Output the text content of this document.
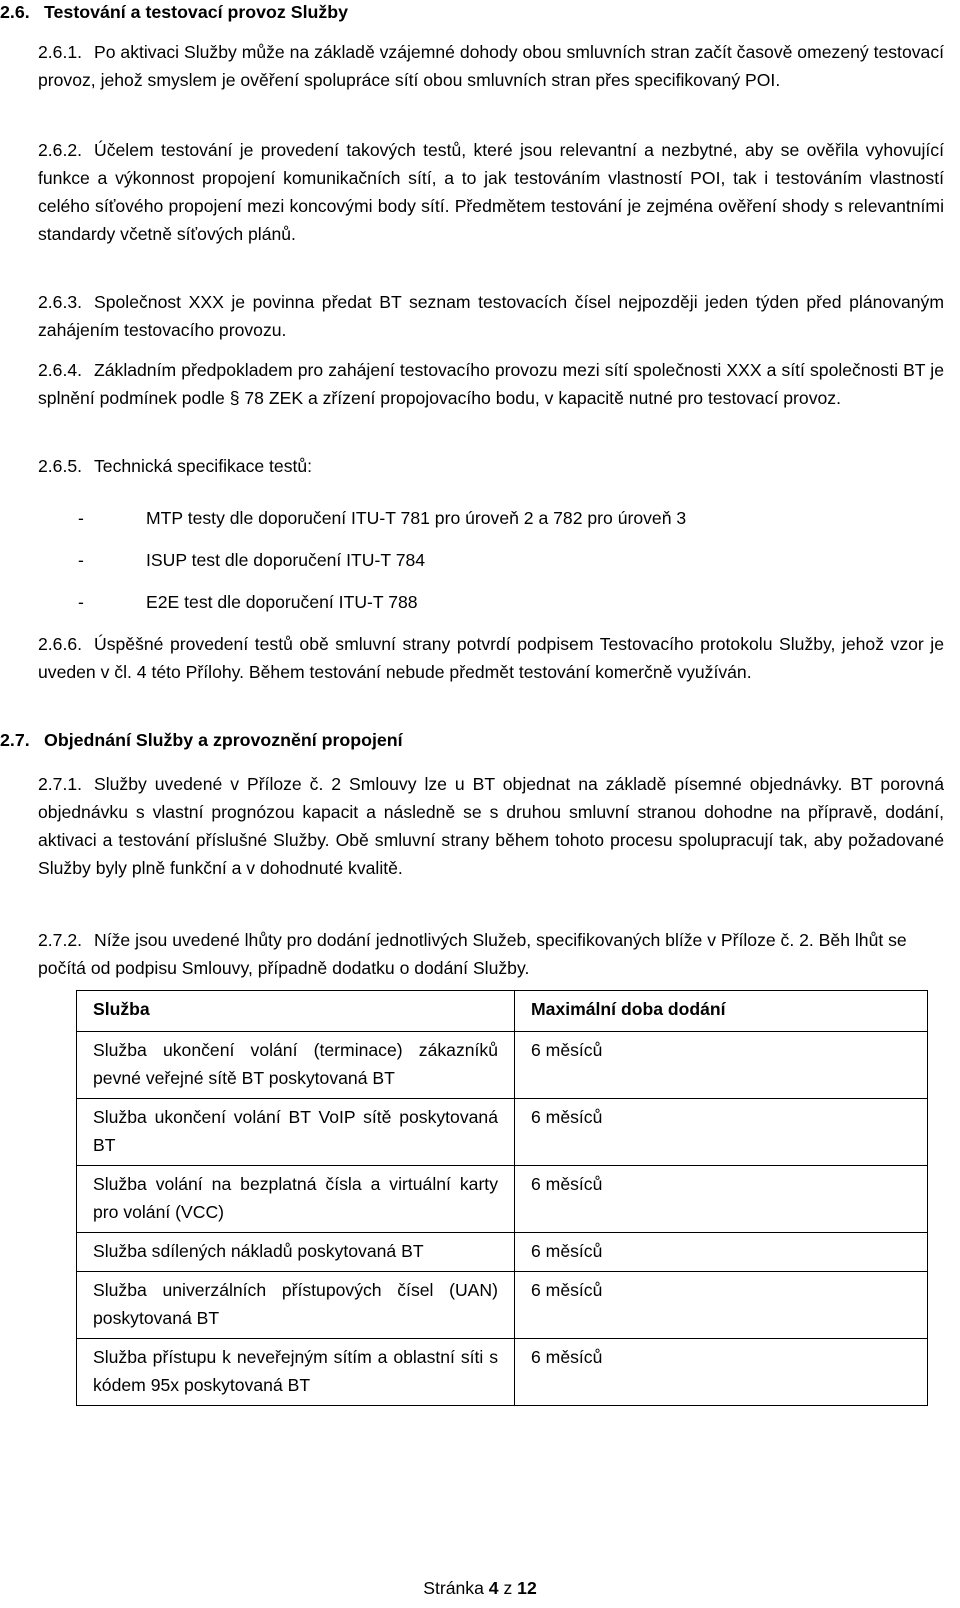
2.6. Testování a testovací provoz Služby
2.6.1. Po aktivaci Služby může na základě vzájemné dohody obou smluvních stran začít časově omezený testovací provoz, jehož smyslem je ověření spolupráce sítí obou smluvních stran přes specifikovaný POI.
2.6.2. Účelem testování je provedení takových testů, které jsou relevantní a nezbytné, aby se ověřila vyhovující funkce a výkonnost propojení komunikačních sítí, a to jak testováním vlastností POI, tak i testováním vlastností celého síťového propojení mezi koncovými body sítí. Předmětem testování je zejména ověření shody s relevantními standardy včetně síťových plánů.
2.6.3. Společnost XXX je povinna předat BT seznam testovacích čísel nejpozději jeden týden před plánovaným zahájením testovacího provozu.
2.6.4. Základním předpokladem pro zahájení testovacího provozu mezi sítí společnosti XXX a sítí společnosti BT je splnění podmínek podle § 78 ZEK a zřízení propojovacího bodu, v kapacitě nutné pro testovací provoz.
2.6.5. Technická specifikace testů:
-	MTP testy dle doporučení ITU-T 781 pro úroveň 2 a 782 pro úroveň 3
-	ISUP test dle doporučení ITU-T 784
-	E2E test dle doporučení ITU-T 788
2.6.6. Úspěšné provedení testů obě smluvní strany potvrdí podpisem Testovacího protokolu Služby, jehož vzor je uveden v čl. 4 této Přílohy. Během testování nebude předmět testování komerčně využíván.
2.7. Objednání Služby a zprovoznění propojení
2.7.1. Služby uvedené v Příloze č. 2 Smlouvy lze u BT objednat na základě písemné objednávky. BT porovná objednávku s vlastní prognózou kapacit a následně se s druhou smluvní stranou dohodne na přípravě, dodání, aktivaci a testování příslušné Služby. Obě smluvní strany během tohoto procesu spolupracují tak, aby požadované Služby byly plně funkční a v dohodnuté kvalitě.
2.7.2. Níže jsou uvedené lhůty pro dodání jednotlivých Služeb, specifikovaných blíže v Příloze č. 2. Běh lhůt se počítá od podpisu Smlouvy, případně dodatku o dodání Služby.
Služba	Maximální doba dodání
Služba ukončení volání (terminace) zákazníků pevné veřejné sítě BT poskytovaná BT	6 měsíců
Služba ukončení volání BT VoIP sítě poskytovaná BT	6 měsíců
Služba volání na bezplatná čísla a virtuální karty pro volání (VCC)	6 měsíců
Služba sdílených nákladů poskytovaná BT	6 měsíců
Služba univerzálních přístupových čísel (UAN) poskytovaná BT	6 měsíců
Služba přístupu k neveřejným sítím a oblastní síti s kódem 95x poskytovaná BT	6 měsíců
Stránka 4 z 12
